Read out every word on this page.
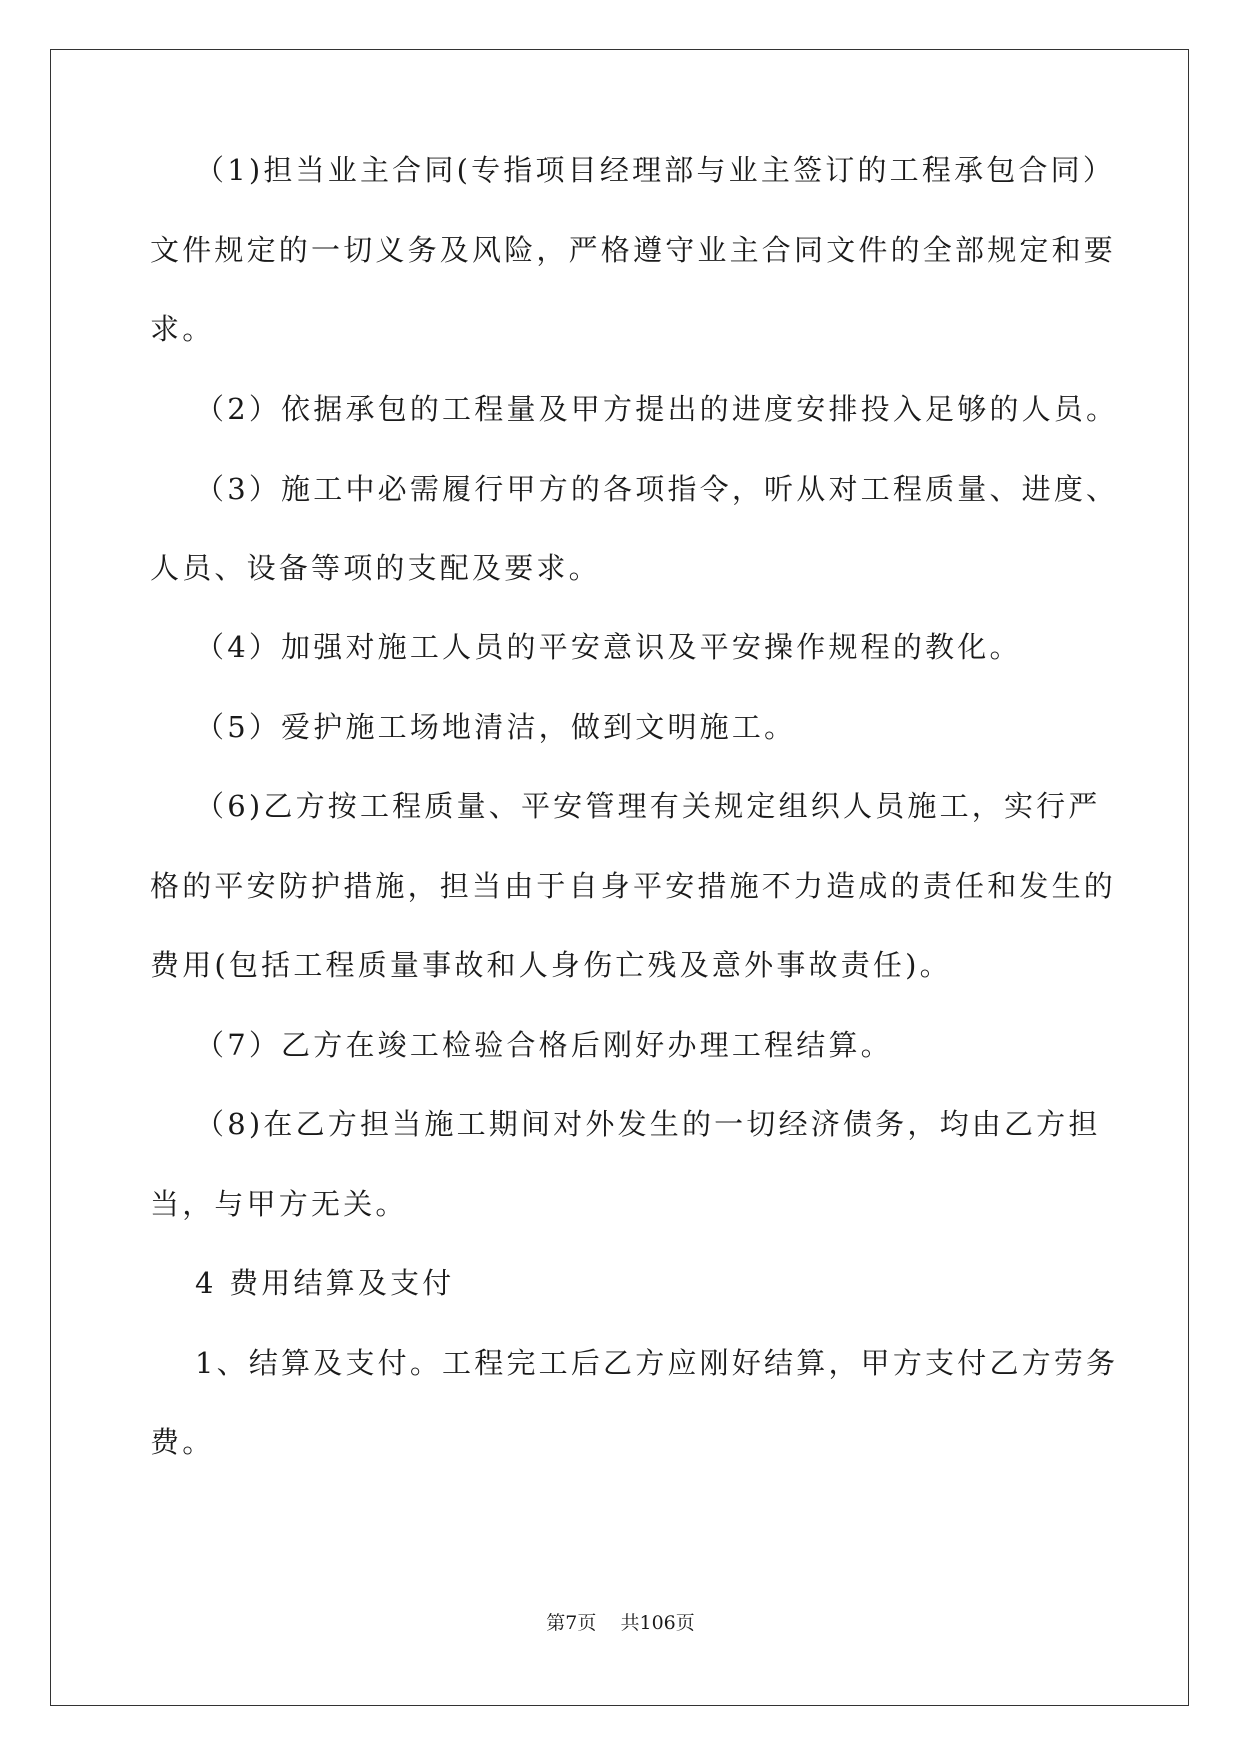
（1)担当业主合同(专指项目经理部与业主签订的工程承包合同）
文件规定的一切义务及风险，严格遵守业主合同文件的全部规定和要
求。
（2）依据承包的工程量及甲方提出的进度安排投入足够的人员。
（3）施工中必需履行甲方的各项指令，听从对工程质量、进度、
人员、设备等项的支配及要求。
（4）加强对施工人员的平安意识及平安操作规程的教化。
（5）爱护施工场地清洁，做到文明施工。
（6)乙方按工程质量、平安管理有关规定组织人员施工，实行严
格的平安防护措施，担当由于自身平安措施不力造成的责任和发生的
费用(包括工程质量事故和人身伤亡残及意外事故责任)。
（7）乙方在竣工检验合格后刚好办理工程结算。
（8)在乙方担当施工期间对外发生的一切经济债务，均由乙方担
当，与甲方无关。
4 费用结算及支付
1、结算及支付。工程完工后乙方应刚好结算，甲方支付乙方劳务
费。
第7页 共106页
